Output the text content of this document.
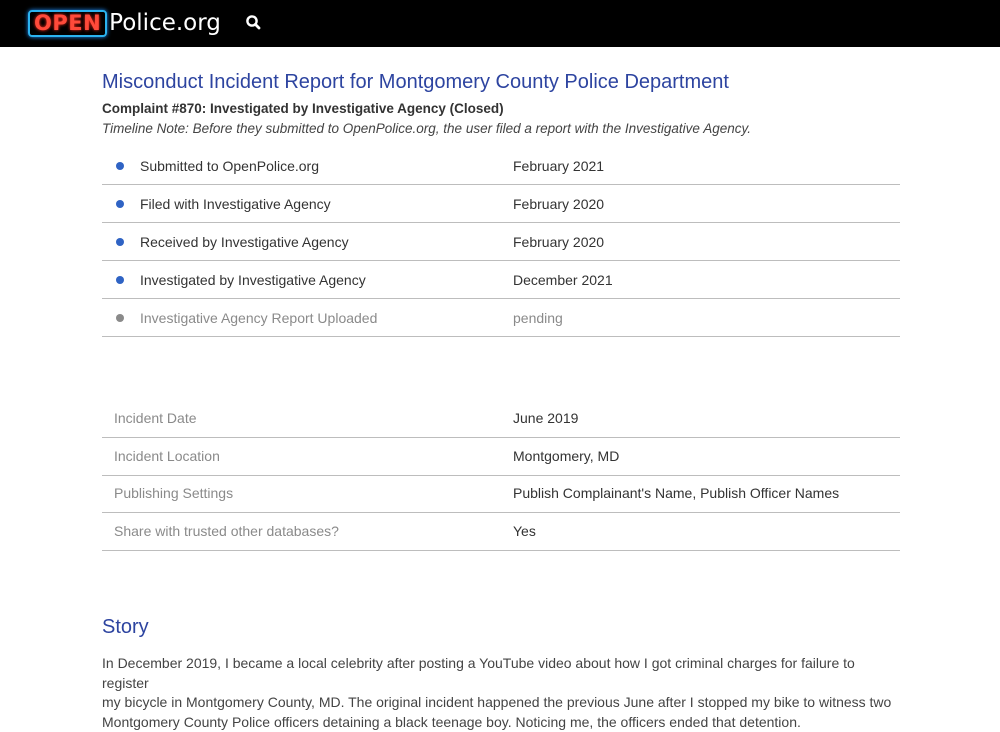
OPEN Police.org
Misconduct Incident Report for Montgomery County Police Department
Complaint #870: Investigated by Investigative Agency (Closed)
Timeline Note: Before they submitted to OpenPolice.org, the user filed a report with the Investigative Agency.
Submitted to OpenPolice.org	February 2021
Filed with Investigative Agency	February 2020
Received by Investigative Agency	February 2020
Investigated by Investigative Agency	December 2021
Investigative Agency Report Uploaded	pending
Incident Date	June 2019
Incident Location	Montgomery, MD
Publishing Settings	Publish Complainant's Name, Publish Officer Names
Share with trusted other databases?	Yes
Story
In December 2019, I became a local celebrity after posting a YouTube video about how I got criminal charges for failure to register
my bicycle in Montgomery County, MD. The original incident happened the previous June after I stopped my bike to witness two
Montgomery County Police officers detaining a black teenage boy. Noticing me, the officers ended that detention.
